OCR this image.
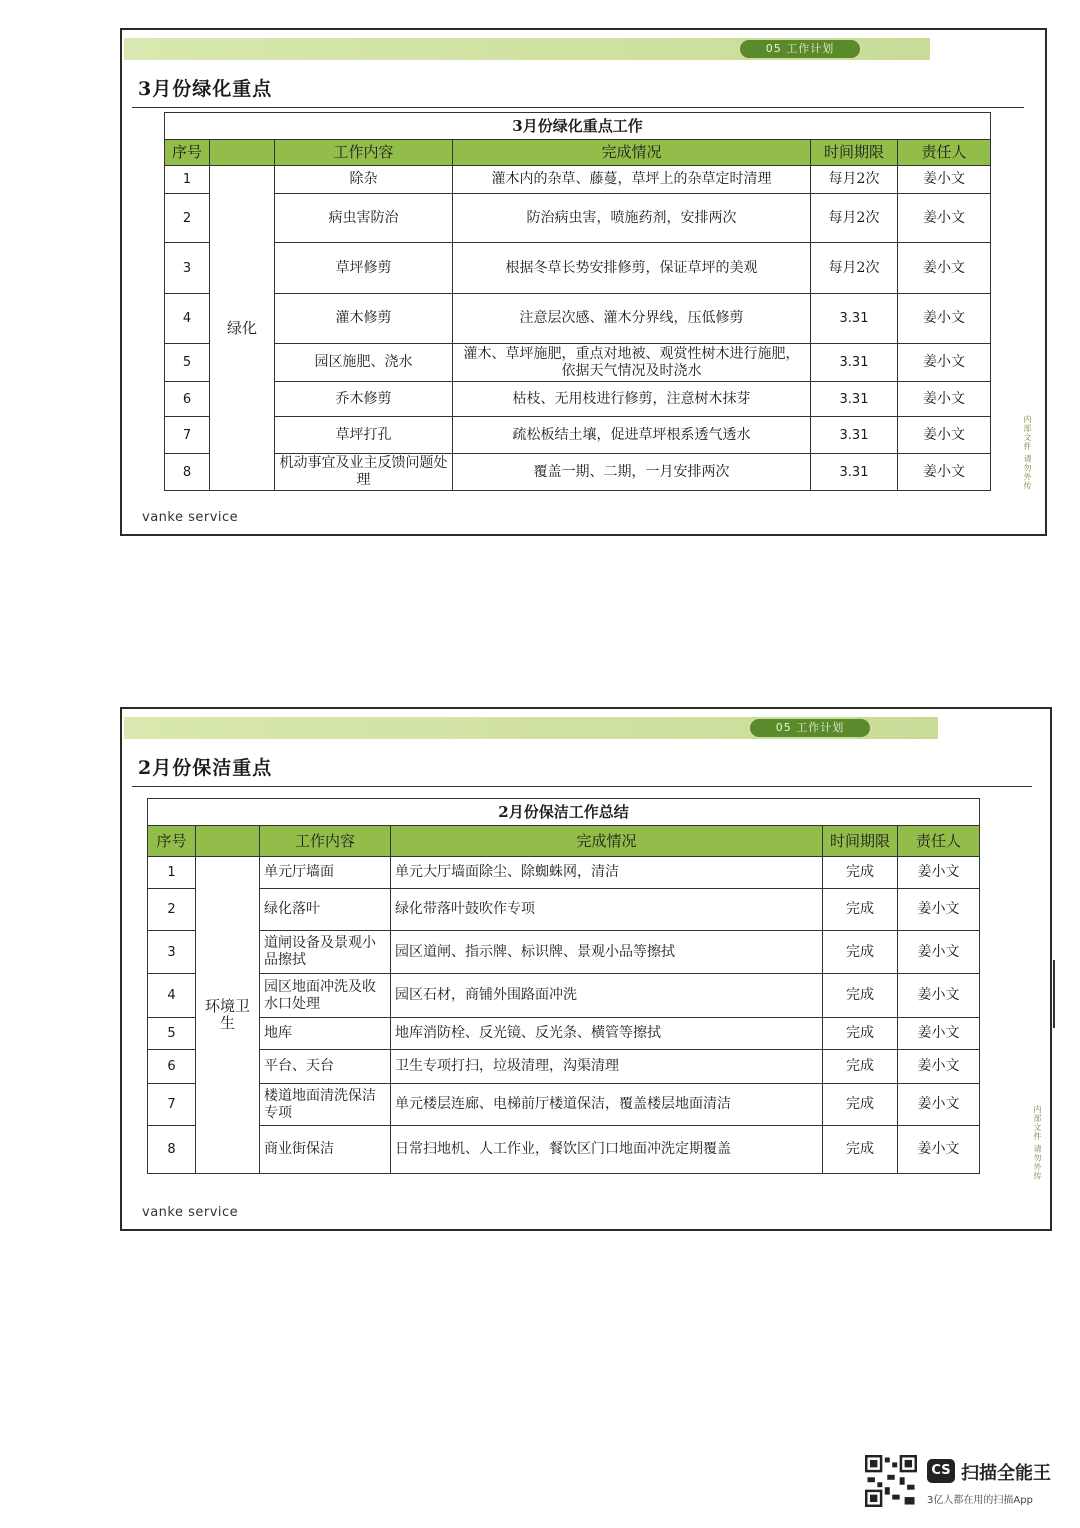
05 工作计划
3月份绿化重点
3月份绿化重点工作					
序号		工作内容	完成情况	时间期限	责任人
1	绿化	除杂	灌木内的杂草、藤蔓，草坪上的杂草定时清理	每月2次	姜小文
2		病虫害防治	防治病虫害，喷施药剂，安排两次	每月2次	姜小文
3		草坪修剪	根据冬草长势安排修剪，保证草坪的美观	每月2次	姜小文
4		灌木修剪	注意层次感、灌木分界线，压低修剪	3.31	姜小文
5		园区施肥、浇水	灌木、草坪施肥，重点对地被、观赏性树木进行施肥，依据天气情况及时浇水	3.31	姜小文
6		乔木修剪	枯枝、无用枝进行修剪，注意树木抹芽	3.31	姜小文
7		草坪打孔	疏松板结土壤，促进草坪根系透气透水	3.31	姜小文
8		机动事宜及业主反馈问题处理	覆盖一期、二期，一月安排两次	3.31	姜小文
vanke service
内部文件 请勿外传
05 工作计划
2月份保洁重点
2月份保洁工作总结					
序号		工作内容	完成情况	时间期限	责任人
1	环境卫生	单元厅墙面	单元大厅墙面除尘、除蜘蛛网，清洁	完成	姜小文
2		绿化落叶	绿化带落叶鼓吹作专项	完成	姜小文
3		道闸设备及景观小品擦拭	园区道闸、指示牌、标识牌、景观小品等擦拭	完成	姜小文
4		园区地面冲洗及收水口处理	园区石材，商铺外围路面冲洗	完成	姜小文
5		地库	地库消防栓、反光镜、反光条、横管等擦拭	完成	姜小文
6		平台、天台	卫生专项打扫，垃圾清理，沟渠清理	完成	姜小文
7		楼道地面清洗保洁专项	单元楼层连廊、电梯前厅楼道保洁，覆盖楼层地面清洁	完成	姜小文
8		商业街保洁	日常扫地机、人工作业，餐饮区门口地面冲洗定期覆盖	完成	姜小文
vanke service
内部文件 请勿外传
CS 扫描全能王
3亿人都在用的扫描App
